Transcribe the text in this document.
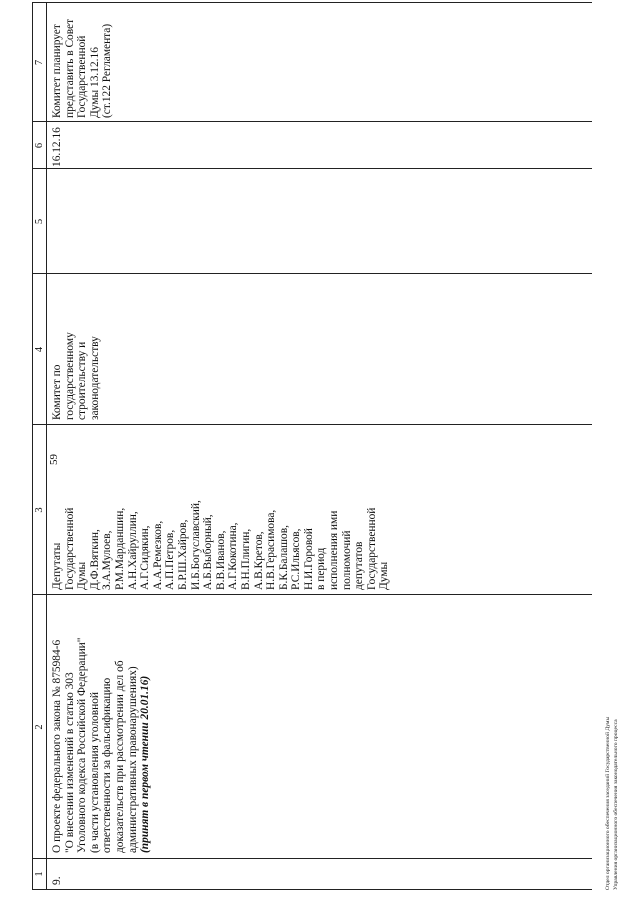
59
1
2
3
4
5
6
7
9.
О проекте федерального закона № 875984-6 "О внесении изменений в статью 303 Уголовного кодекса Российской Федерации" (в части установления уголовной ответственности за фальсификацию доказательств при рассмотрении дел об административных правонарушениях) (принят в первом чтении 20.01.16)
Депутаты Государственной Думы Д.Ф.Вяткин, З.А.Мулоев, Р.М.Марданшин, А.Н.Хайруллин, А.Г.Сидякин, А.А.Ремезков, А.П.Петров, Б.Р.Ш.Хайров, И.Б.Богуславский, А.Б.Выборный, В.В.Иванов, А.Г.Кокотина, В.Н.Плигин, А.В.Кретов, Н.В.Герасимова, Б.К.Балашов, Р.С.Ильясов, Н.И.Горовой в период исполнения ими полномочий депутатов Государственной Думы
Комитет по государственному строительству и законодательству
16.12.16
Комитет планирует представить в Совет Государственной Думы 13.12.16 (ст.122 Регламента)
Отдел организационного обеспечения заседаний Государственной Думы Управления организационного обеспечения законодательного процесса
